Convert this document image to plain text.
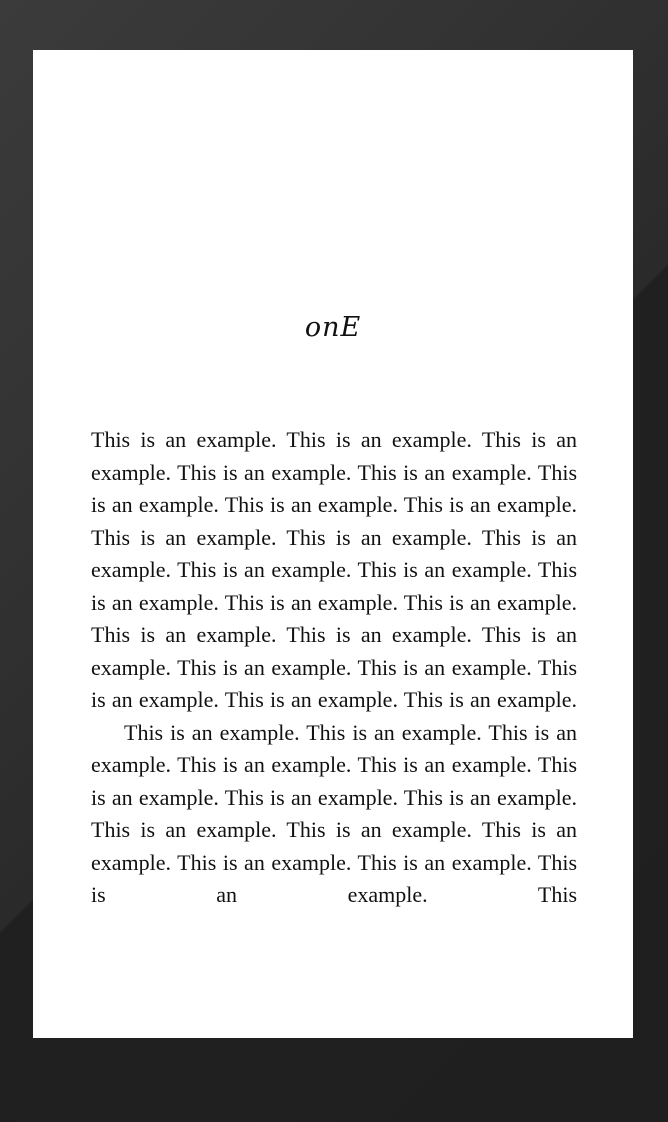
onE

This is an example. This is an example. This is an example. This is an example. This is an example. This is an example. This is an example. This is an example. This is an example. This is an example. This is an example. This is an example. This is an example. This is an example. This is an example. This is an example. This is an example. This is an example. This is an example. This is an example. This is an example. This is an example. This is an example. This is an example.

This is an example. This is an example. This is an example. This is an example. This is an example. This is an example. This is an example. This is an example. This is an example. This is an example. This is an example. This is an example. This is an example. This is an example. This
